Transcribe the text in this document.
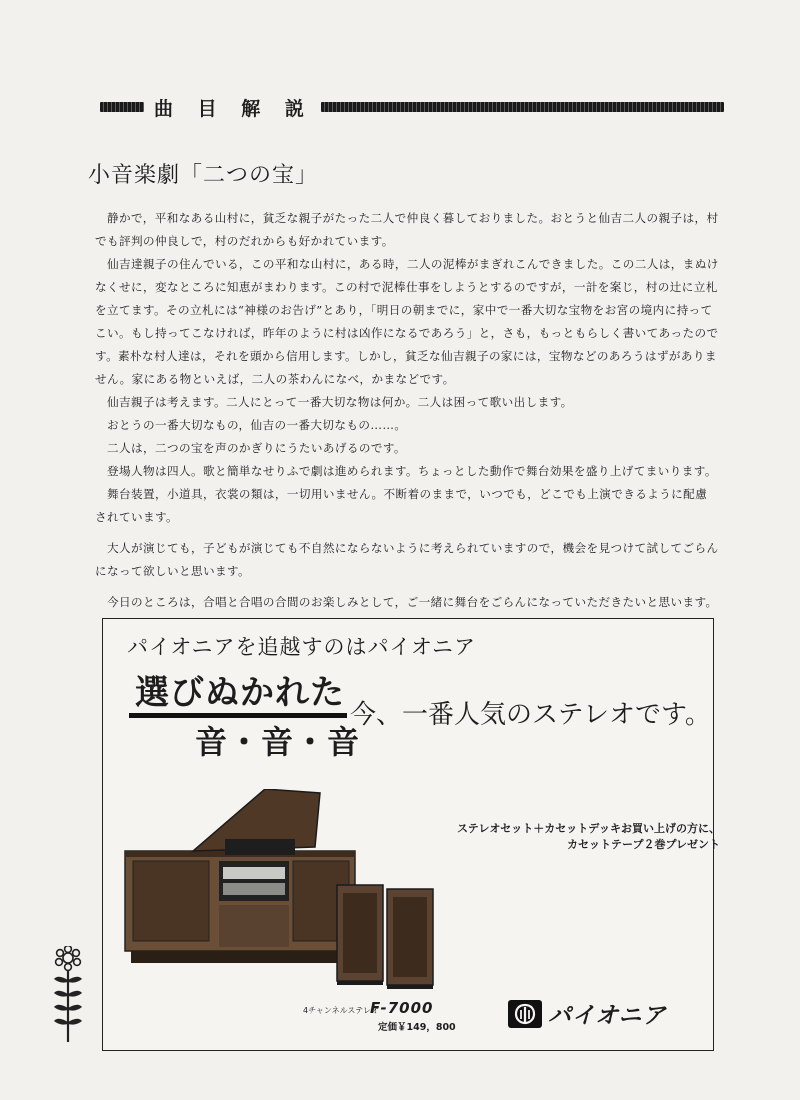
曲 目 解 説
小音楽劇「二つの宝」

静かで，平和なある山村に，貧乏な親子がたった二人で仲良く暮しておりました。おとうと仙吉二人の親子は，村でも評判の仲良しで，村のだれからも好かれています。

仙吉達親子の住んでいる，この平和な山村に，ある時，二人の泥棒がまぎれこんできました。この二人は，まぬけなくせに，変なところに知恵がまわります。この村で泥棒仕事をしようとするのですが，一計を案じ，村の辻に立札を立てます。その立札には“神様のお告げ”とあり，「明日の朝までに，家中で一番大切な宝物をお宮の境内に持ってこい。もし持ってこなければ，昨年のように村は凶作になるであろう」と，さも，もっともらしく書いてあったのです。素朴な村人達は，それを頭から信用します。しかし，貧乏な仙吉親子の家には，宝物などのあろうはずがありません。家にある物といえば，二人の茶わんになべ，かまなどです。

仙吉親子は考えます。二人にとって一番大切な物は何か。二人は困って歌い出します。

おとうの一番大切なもの，仙吉の一番大切なもの……。

二人は，二つの宝を声のかぎりにうたいあげるのです。

登場人物は四人。歌と簡単なせりふで劇は進められます。ちょっとした動作で舞台効果を盛り上げてまいります。

舞台装置，小道具，衣裳の類は，一切用いません。不断着のままで，いつでも，どこでも上演できるように配慮されています。

大人が演じても，子どもが演じても不自然にならないように考えられていますので，機会を見つけて試してごらんになって欲しいと思います。

今日のところは，合唱と合唱の合間のお楽しみとして，ご一緒に舞台をごらんになっていただきたいと思います。

パイオニアを追越すのはパイオニア
選びぬかれた
音・音・音
今、一番人気のステレオです。
ステレオセット＋カセットデッキお買い上げの方に、
カセットテープ２巻プレゼント
4チャンネルステレオ
F-7000
定価￥149，800	パイオニア
